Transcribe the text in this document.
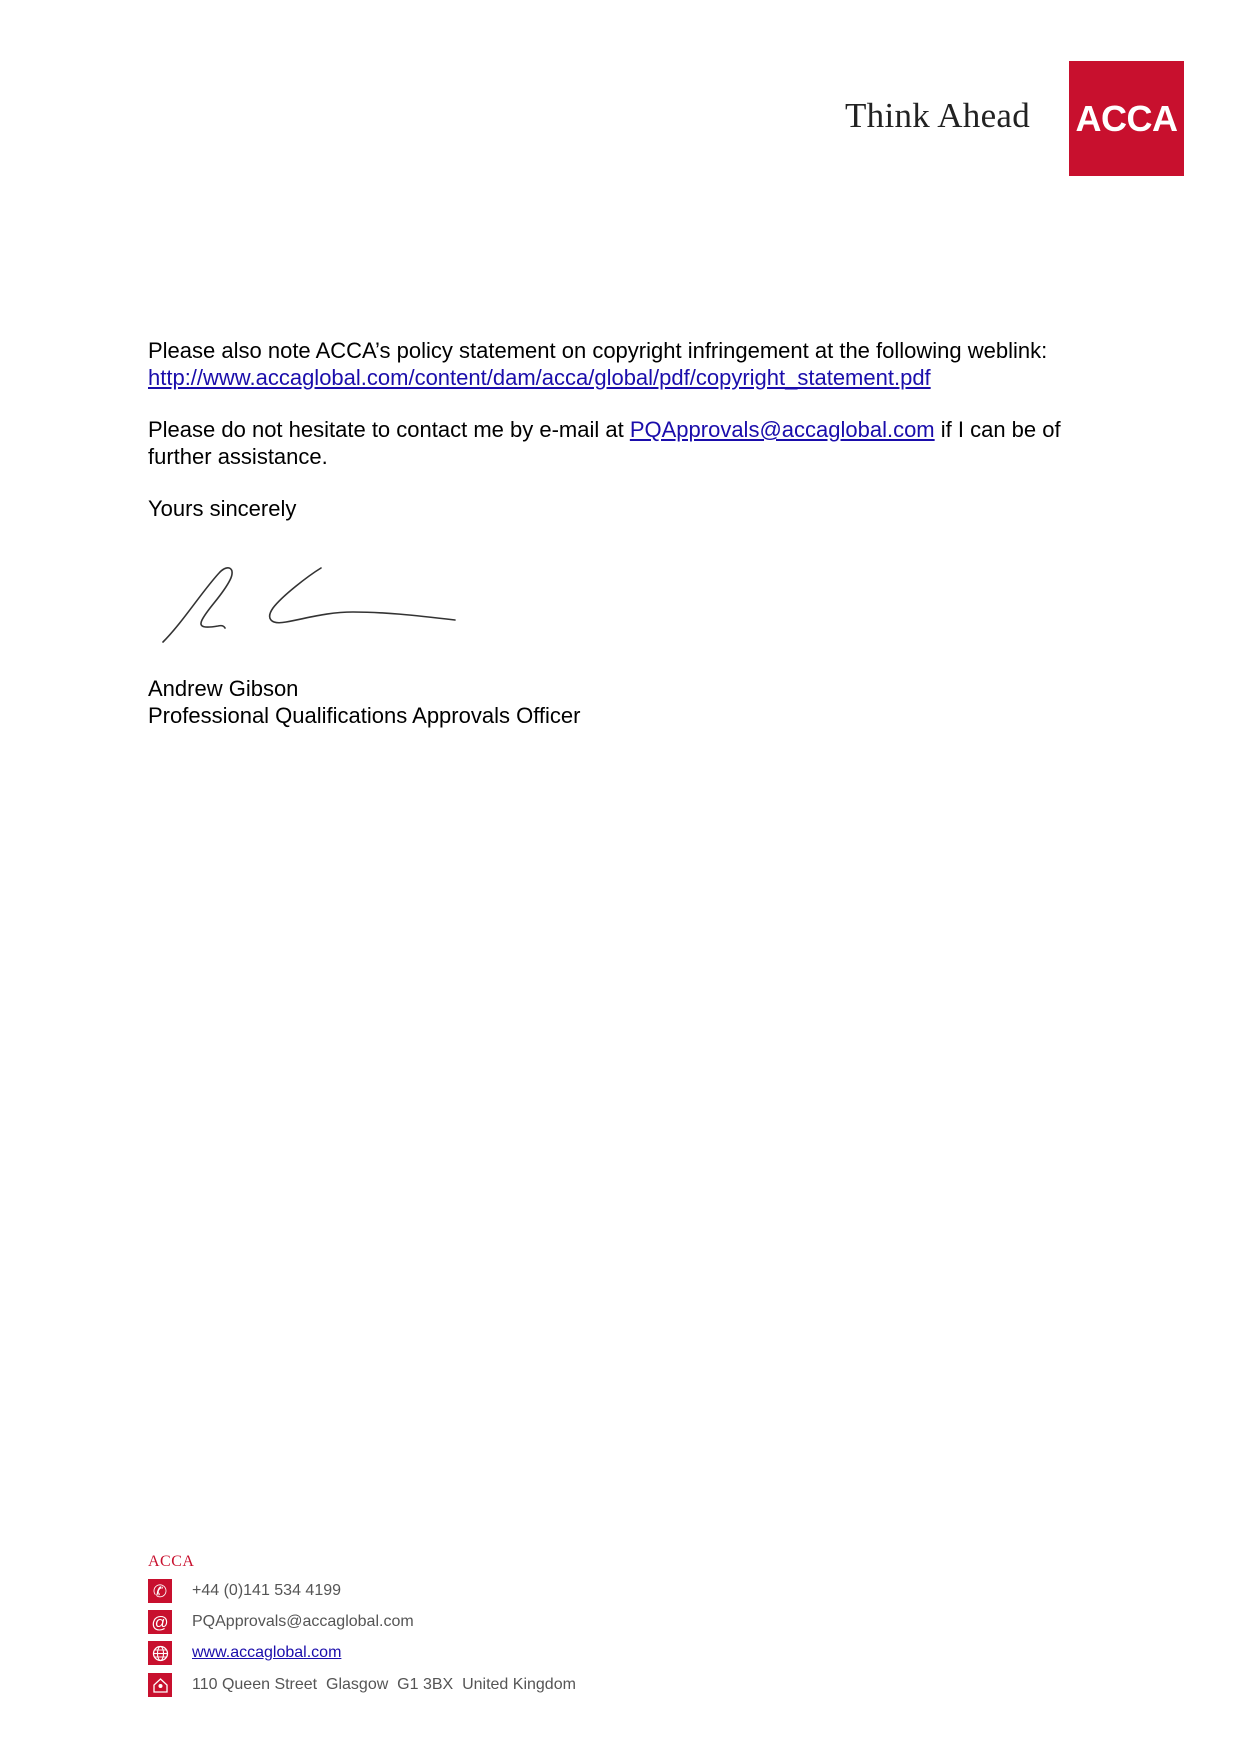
Think Ahead ACCA
Please also note ACCA’s policy statement on copyright infringement at the following weblink:
http://www.accaglobal.com/content/dam/acca/global/pdf/copyright_statement.pdf
Please do not hesitate to contact me by e-mail at PQApprovals@accaglobal.com if I can be of
further assistance.
Yours sincerely
Andrew Gibson
Professional Qualifications Approvals Officer
ACCA
✆	+44 (0)141 534 4199
@ PQApprovals@accaglobal.com
www.accaglobal.com
110 Queen Street  Glasgow  G1 3BX  United Kingdom
